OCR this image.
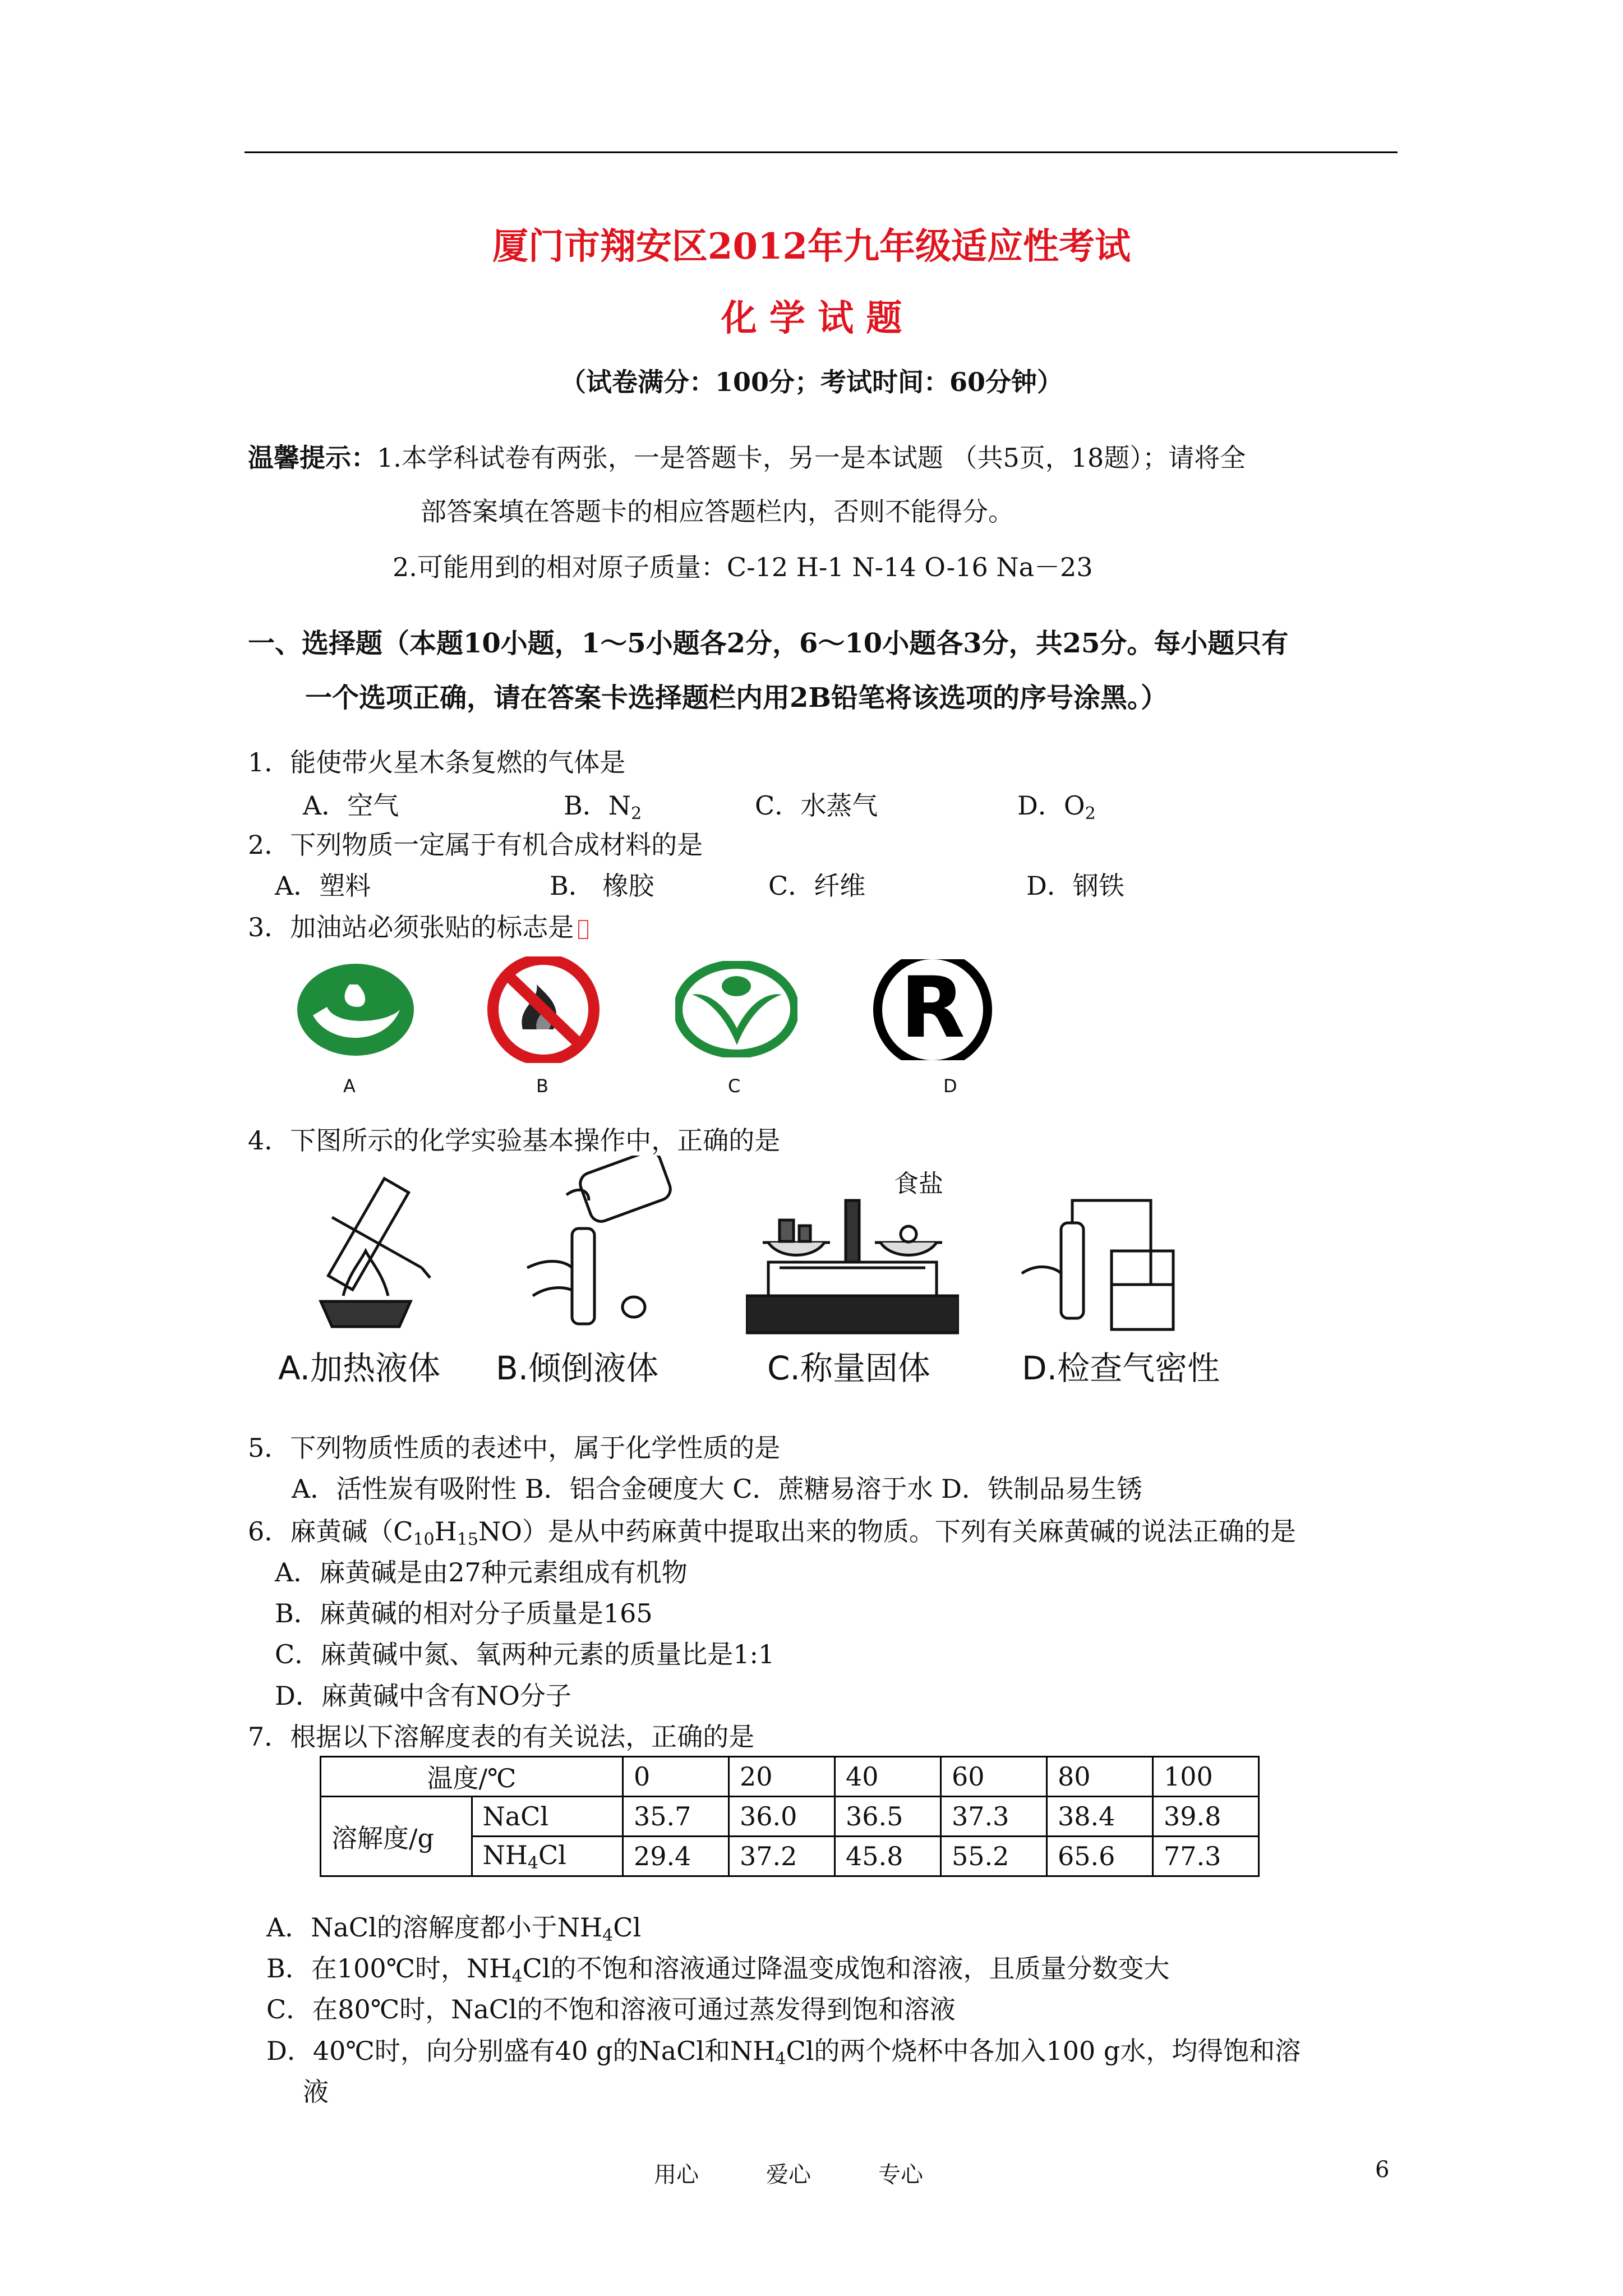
厦门市翔安区2012年九年级适应性考试
化 学 试 题
（试卷满分：100分；考试时间：60分钟）
温馨提示：1.本学科试卷有两张，一是答题卡，另一是本试题 （共5页，18题）；请将全
部答案填在答题卡的相应答题栏内，否则不能得分。
2.可能用到的相对原子质量：C-12 H-1 N-14 O-16 Na－23
一、选择题（本题10小题，1～5小题各2分，6～10小题各3分，共25分。每小题只有
一个选项正确，请在答案卡选择题栏内用2B铅笔将该选项的序号涂黑。）
1．能使带火星木条复燃的气体是
A．空气	B．$N_2$	C．水蒸气	D．$O_2$
2．下列物质一定属于有机合成材料的是
A．塑料	B． 橡胶	C．纤维	D．钢铁
3．加油站必须张贴的标志是
R
A	B	C	D
4．下图所示的化学实验基本操作中，正确的是
食盐
A.加热液体 B.倾倒液体	C.称量固体	D.检查气密性
5．下列物质性质的表述中，属于化学性质的是
A．活性炭有吸附性 B．铝合金硬度大 C．蔗糖易溶于水 D．铁制品易生锈
6．麻黄碱$(C_{10}H_{15}NO)$是从中药麻黄中提取出来的物质。下列有关麻黄碱的说法正确的是
A．麻黄碱是由27种元素组成有机物
B．麻黄碱的相对分子质量是165
C．麻黄碱中氮、氧两种元素的质量比是1:1
D．麻黄碱中含有NO分子
7．根据以下溶解度表的有关说法，正确的是
温度/℃		0	20	40	60	80	100
溶解度/g	NaCl	35.7	36.0	36.5	37.3	38.4	39.8
	$NH_4Cl$	29.4	37.2	45.8	55.2	65.6	77.3
A．NaCl的溶解度都小于$NH_4Cl$
B．在100℃时，$NH_4Cl$的不饱和溶液通过降温变成饱和溶液，且质量分数变大
C．在80℃时，NaCl的不饱和溶液可通过蒸发得到饱和溶液
D．40℃时，向分别盛有40 g的NaCl和$NH_4Cl$的两个烧杯中各加入100 g水，均得饱和溶
液
用心	爱心	专心	6
